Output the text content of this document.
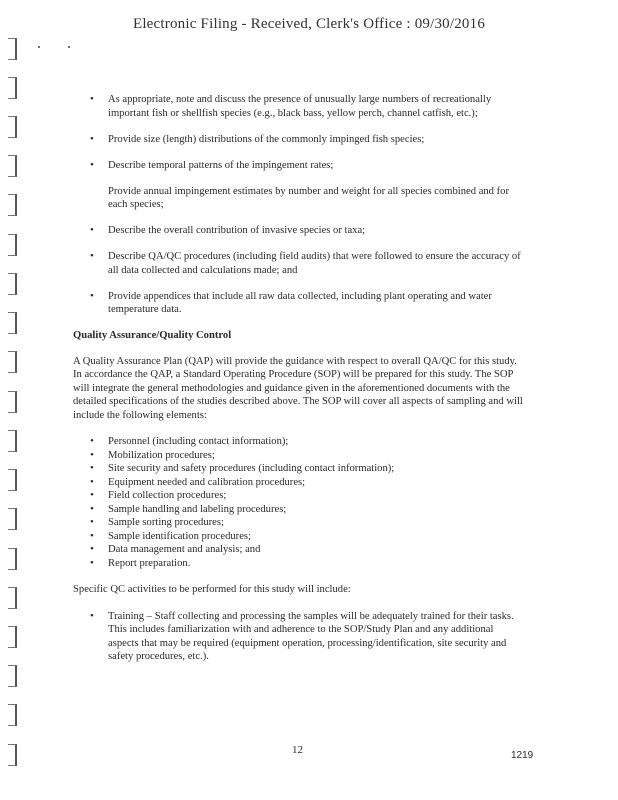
Electronic Filing - Received, Clerk's Office : 09/30/2016
• As appropriate, note and discuss the presence of unusually large numbers of recreationally important fish or shellfish species (e.g., black bass, yellow perch, channel catfish, etc.);
• Provide size (length) distributions of the commonly impinged fish species;
• Describe temporal patterns of the impingement rates;
Provide annual impingement estimates by number and weight for all species combined and for each species;
• Describe the overall contribution of invasive species or taxa;
• Describe QA/QC procedures (including field audits) that were followed to ensure the accuracy of all data collected and calculations made; and
• Provide appendices that include all raw data collected, including plant operating and water temperature data.
Quality Assurance/Quality Control

A Quality Assurance Plan (QAP) will provide the guidance with respect to overall QA/QC for this study. In accordance the QAP, a Standard Operating Procedure (SOP) will be prepared for this study. The SOP will integrate the general methodologies and guidance given in the aforementioned documents with the detailed specifications of the studies described above. The SOP will cover all aspects of sampling and will include the following elements:

• Personnel (including contact information);
• Mobilization procedures;
• Site security and safety procedures (including contact information);
• Equipment needed and calibration procedures;
• Field collection procedures;
• Sample handling and labeling procedures;
• Sample sorting procedures;
• Sample identification procedures;
• Data management and analysis; and
• Report preparation.

Specific QC activities to be performed for this study will include:

• Training – Staff collecting and processing the samples will be adequately trained for their tasks. This includes familiarization with and adherence to the SOP/Study Plan and any additional aspects that may be required (equipment operation, processing/identification, site security and safety procedures, etc.).
12	1219
